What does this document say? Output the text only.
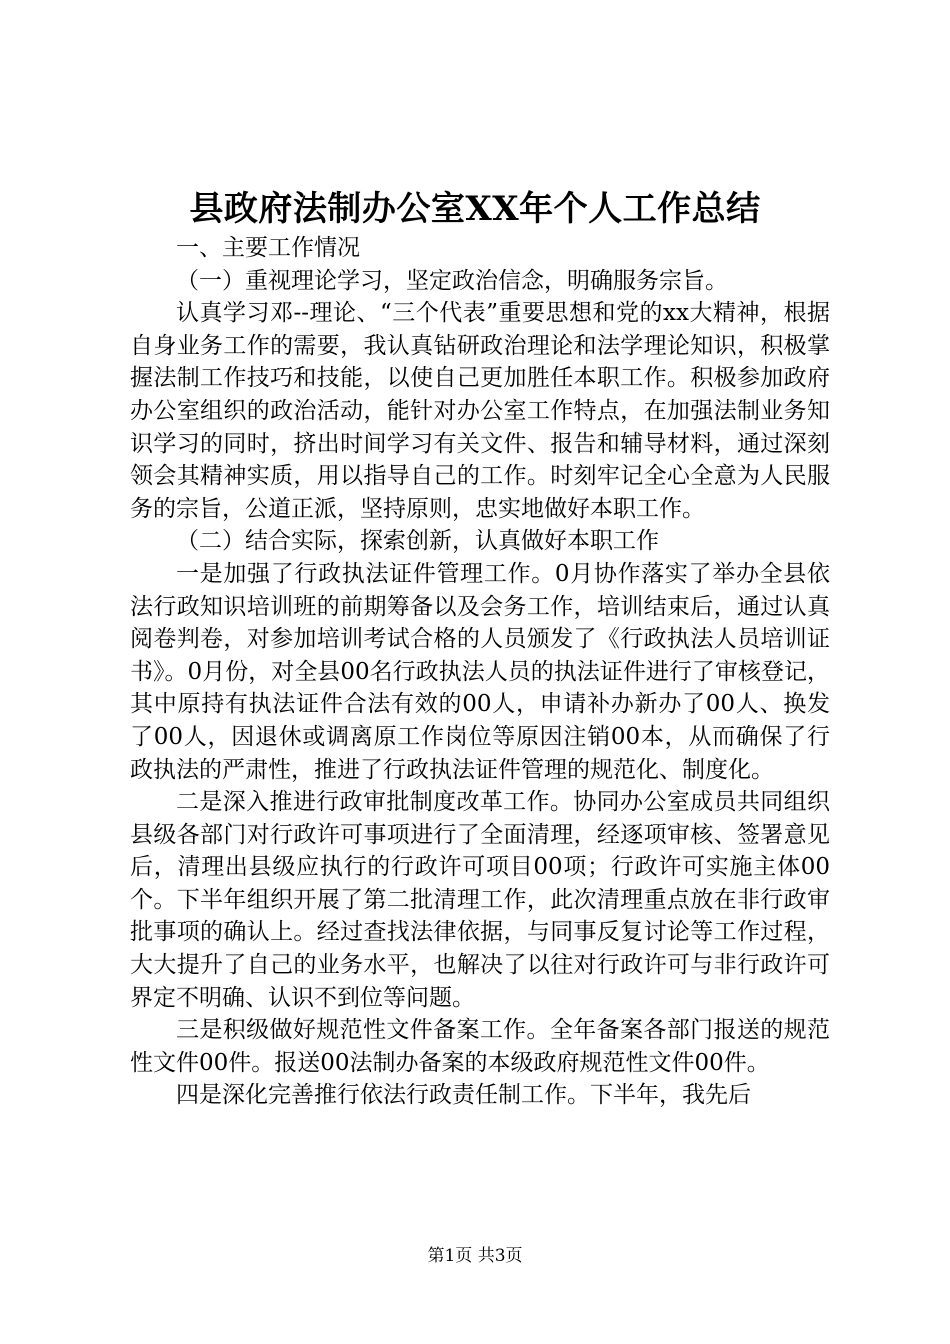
县政府法制办公室XX年个人工作总结

一、主要工作情况

（一）重视理论学习，坚定政治信念，明确服务宗旨。

认真学习邓--理论、“三个代表”重要思想和党的xx大精神，根据自身业务工作的需要，我认真钻研政治理论和法学理论知识，积极掌握法制工作技巧和技能，以使自己更加胜任本职工作。积极参加政府办公室组织的政治活动，能针对办公室工作特点，在加强法制业务知识学习的同时，挤出时间学习有关文件、报告和辅导材料，通过深刻领会其精神实质，用以指导自己的工作。时刻牢记全心全意为人民服务的宗旨，公道正派，坚持原则，忠实地做好本职工作。

（二）结合实际，探索创新，认真做好本职工作

一是加强了行政执法证件管理工作。0月协作落实了举办全县依法行政知识培训班的前期筹备以及会务工作，培训结束后，通过认真阅卷判卷，对参加培训考试合格的人员颁发了《行政执法人员培训证书》。0月份，对全县00名行政执法人员的执法证件进行了审核登记，其中原持有执法证件合法有效的00人，申请补办新办了00人、换发了00人，因退休或调离原工作岗位等原因注销00本，从而确保了行政执法的严肃性，推进了行政执法证件管理的规范化、制度化。

二是深入推进行政审批制度改革工作。协同办公室成员共同组织县级各部门对行政许可事项进行了全面清理，经逐项审核、签署意见后，清理出县级应执行的行政许可项目00项；行政许可实施主体00个。下半年组织开展了第二批清理工作，此次清理重点放在非行政审批事项的确认上。经过查找法律依据，与同事反复讨论等工作过程，大大提升了自己的业务水平，也解决了以往对行政许可与非行政许可界定不明确、认识不到位等问题。

三是积级做好规范性文件备案工作。全年备案各部门报送的规范性文件00件。报送00法制办备案的本级政府规范性文件00件。

四是深化完善推行依法行政责任制工作。下半年，我先后

第1页 共3页
